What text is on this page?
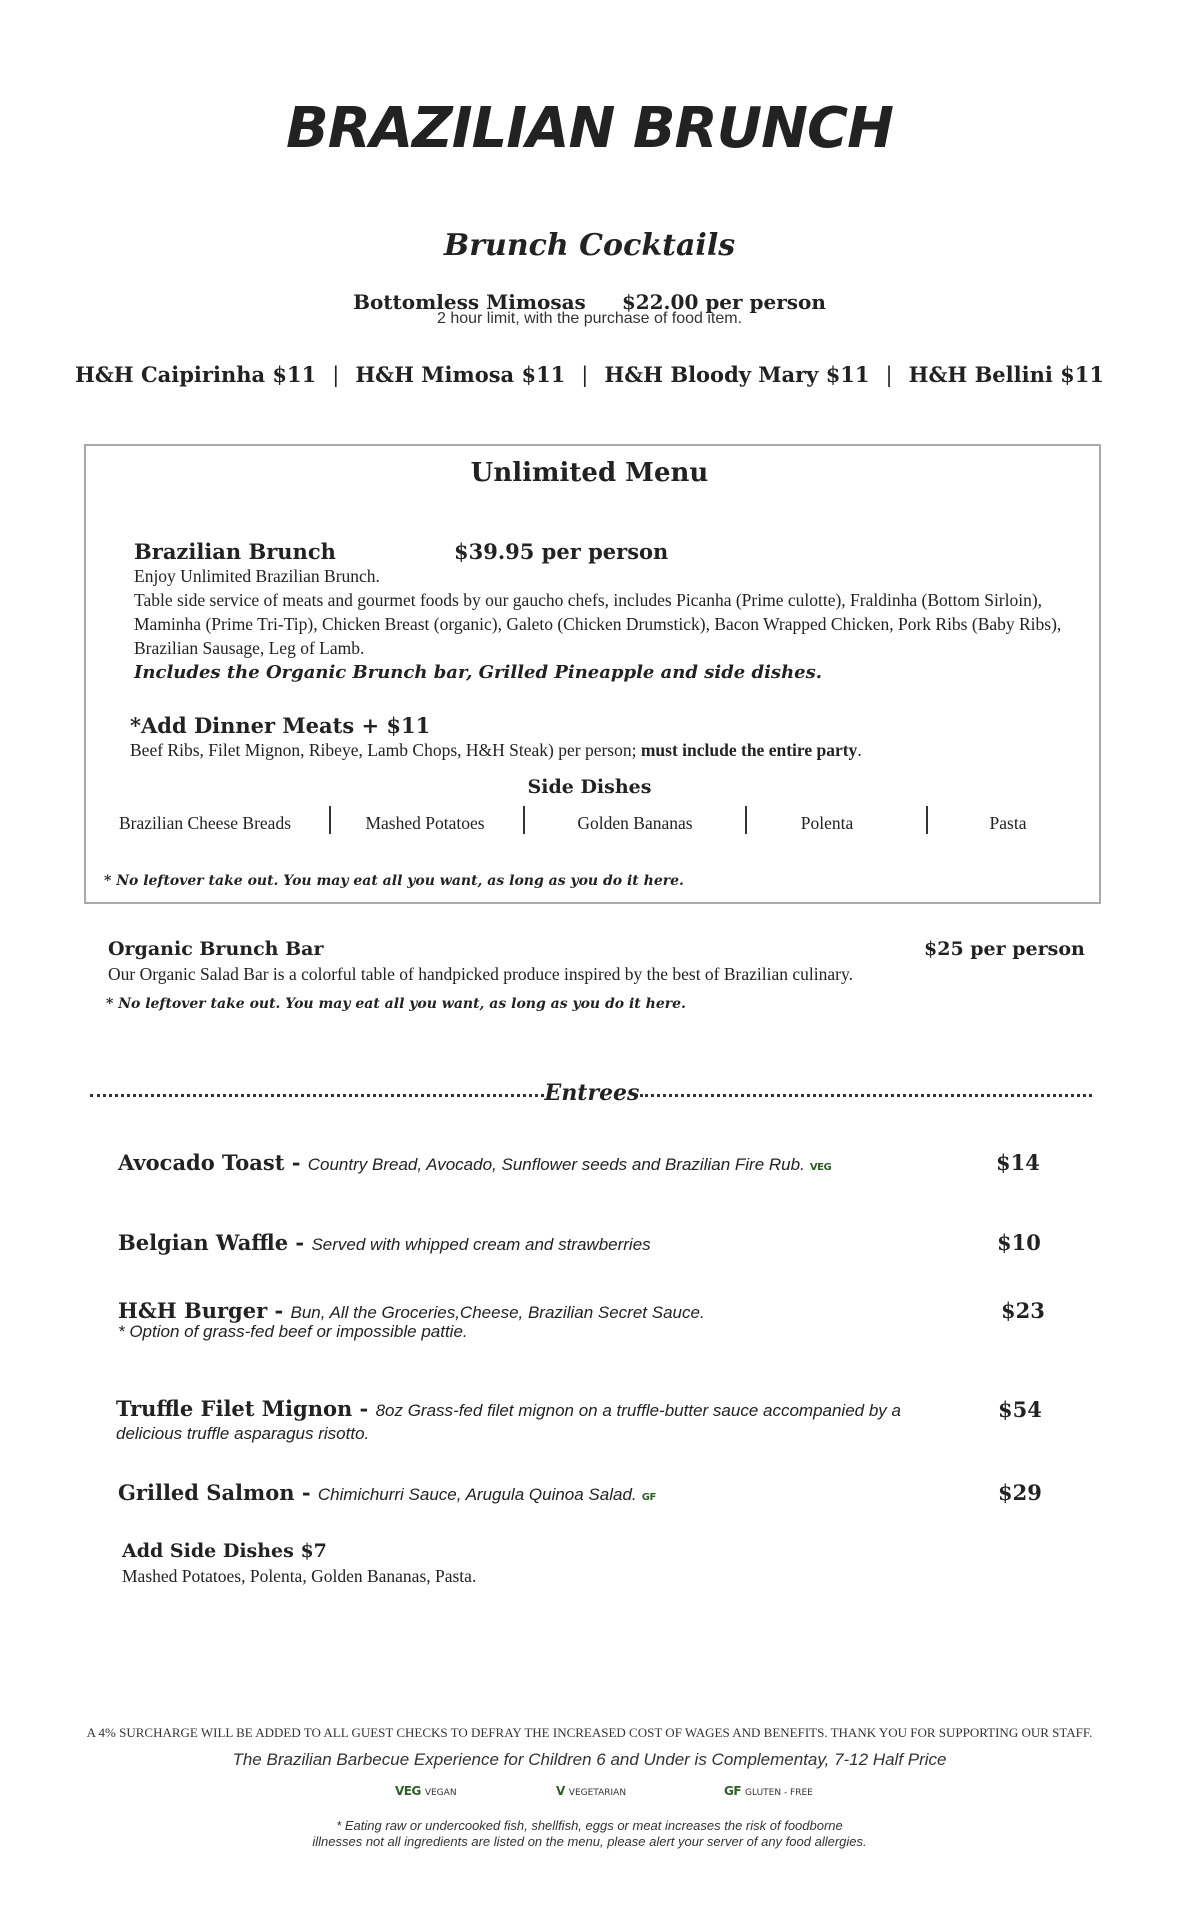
BRAZILIAN BRUNCH
Brunch Cocktails
Bottomless Mimosas $22.00 per person
2 hour limit, with the purchase of food item.
H&H Caipirinha $11 | H&H Mimosa $11 | H&H Bloody Mary $11 | H&H Bellini $11
Unlimited Menu
Brazilian Brunch	$39.95 per person
Enjoy Unlimited Brazilian Brunch.
Table side service of meats and gourmet foods by our gaucho chefs, includes Picanha (Prime culotte), Fraldinha (Bottom Sirloin), Maminha (Prime Tri-Tip), Chicken Breast (organic), Galeto (Chicken Drumstick), Bacon Wrapped Chicken, Pork Ribs (Baby Ribs), Brazilian Sausage, Leg of Lamb.
Includes the Organic Brunch bar, Grilled Pineapple and side dishes.
*Add Dinner Meats + $11
Beef Ribs, Filet Mignon, Ribeye, Lamb Chops, H&H Steak) per person; must include the entire party.
Side Dishes
Brazilian Cheese Breads	Mashed Potatoes	Golden Bananas	Polenta	Pasta
* No leftover take out. You may eat all you want, as long as you do it here.
Organic Brunch Bar	$25 per person
Our Organic Salad Bar is a colorful table of handpicked produce inspired by the best of Brazilian culinary.
* No leftover take out. You may eat all you want, as long as you do it here.
Entrees
Avocado Toast - Country Bread, Avocado, Sunflower seeds and Brazilian Fire Rub. VEG	$14
Belgian Waffle - Served with whipped cream and strawberries	$10
H&H Burger - Bun, All the Groceries,Cheese, Brazilian Secret Sauce.
* Option of grass-fed beef or impossible pattie.
$23
Truffle Filet Mignon - 8oz Grass-fed filet mignon on a truffle-butter sauce accompanied by a delicious truffle asparagus risotto.
$54
Grilled Salmon - Chimichurri Sauce, Arugula Quinoa Salad. GF	$29
Add Side Dishes $7
Mashed Potatoes, Polenta, Golden Bananas, Pasta.
A 4% SURCHARGE WILL BE ADDED TO ALL GUEST CHECKS TO DEFRAY THE INCREASED COST OF WAGES AND BENEFITS. THANK YOU FOR SUPPORTING OUR STAFF.
The Brazilian Barbecue Experience for Children 6 and Under is Complementay, 7-12 Half Price
VEG VEGAN	V VEGETARIAN	GF GLUTEN - FREE
* Eating raw or undercooked fish, shellfish, eggs or meat increases the risk of foodborne
illnesses not all ingredients are listed on the menu, please alert your server of any food allergies.
